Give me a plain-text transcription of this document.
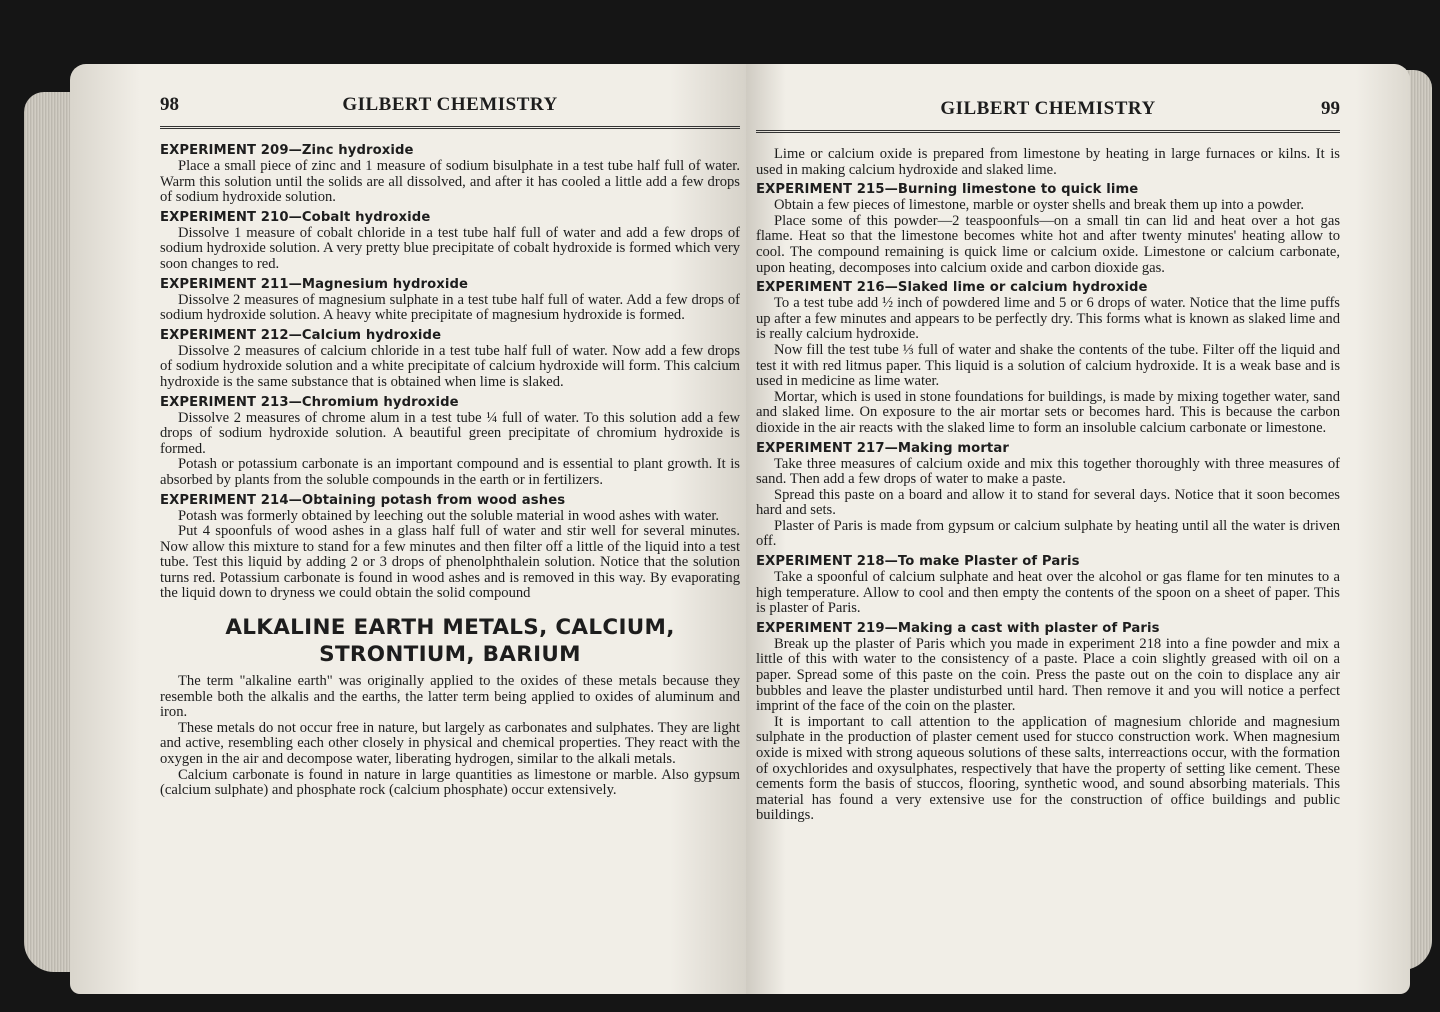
98	GILBERT CHEMISTRY
EXPERIMENT 209—Zinc hydroxide

Place a small piece of zinc and 1 measure of sodium bisulphate in a test tube half full of water. Warm this solution until the solids are all dissolved, and after it has cooled a little add a few drops of sodium hydroxide solution.

EXPERIMENT 210—Cobalt hydroxide

Dissolve 1 measure of cobalt chloride in a test tube half full of water and add a few drops of sodium hydroxide solution. A very pretty blue precipitate of cobalt hydroxide is formed which very soon changes to red.

EXPERIMENT 211—Magnesium hydroxide

Dissolve 2 measures of magnesium sulphate in a test tube half full of water. Add a few drops of sodium hydroxide solution. A heavy white precipitate of magnesium hydroxide is formed.

EXPERIMENT 212—Calcium hydroxide

Dissolve 2 measures of calcium chloride in a test tube half full of water. Now add a few drops of sodium hydroxide solution and a white precipitate of calcium hydroxide will form. This calcium hydroxide is the same substance that is obtained when lime is slaked.

EXPERIMENT 213—Chromium hydroxide

Dissolve 2 measures of chrome alum in a test tube ¼ full of water. To this solution add a few drops of sodium hydroxide solution. A beautiful green precipitate of chromium hydroxide is formed.

Potash or potassium carbonate is an important compound and is essential to plant growth. It is absorbed by plants from the soluble compounds in the earth or in fertilizers.

EXPERIMENT 214—Obtaining potash from wood ashes

Potash was formerly obtained by leeching out the soluble material in wood ashes with water.

Put 4 spoonfuls of wood ashes in a glass half full of water and stir well for several minutes. Now allow this mixture to stand for a few minutes and then filter off a little of the liquid into a test tube. Test this liquid by adding 2 or 3 drops of phenolphthalein solution. Notice that the solution turns red. Potassium carbonate is found in wood ashes and is removed in this way. By evaporating the liquid down to dryness we could obtain the solid compound

ALKALINE EARTH METALS, CALCIUM, STRONTIUM, BARIUM

The term "alkaline earth" was originally applied to the oxides of these metals because they resemble both the alkalis and the earths, the latter term being applied to oxides of aluminum and iron.

These metals do not occur free in nature, but largely as carbonates and sulphates. They are light and active, resembling each other closely in physical and chemical properties. They react with the oxygen in the air and decompose water, liberating hydrogen, similar to the alkali metals.

Calcium carbonate is found in nature in large quantities as limestone or marble. Also gypsum (calcium sulphate) and phosphate rock (calcium phosphate) occur extensively.

GILBERT CHEMISTRY	99

Lime or calcium oxide is prepared from limestone by heating in large furnaces or kilns. It is used in making calcium hydroxide and slaked lime.

EXPERIMENT 215—Burning limestone to quick lime

Obtain a few pieces of limestone, marble or oyster shells and break them up into a powder.

Place some of this powder—2 teaspoonfuls—on a small tin can lid and heat over a hot gas flame. Heat so that the limestone becomes white hot and after twenty minutes' heating allow to cool. The compound remaining is quick lime or calcium oxide. Limestone or calcium carbonate, upon heating, decomposes into calcium oxide and carbon dioxide gas.

EXPERIMENT 216—Slaked lime or calcium hydroxide

To a test tube add ½ inch of powdered lime and 5 or 6 drops of water. Notice that the lime puffs up after a few minutes and appears to be perfectly dry. This forms what is known as slaked lime and is really calcium hydroxide.

Now fill the test tube ⅓ full of water and shake the contents of the tube. Filter off the liquid and test it with red litmus paper. This liquid is a solution of calcium hydroxide. It is a weak base and is used in medicine as lime water.

Mortar, which is used in stone foundations for buildings, is made by mixing together water, sand and slaked lime. On exposure to the air mortar sets or becomes hard. This is because the carbon dioxide in the air reacts with the slaked lime to form an insoluble calcium carbonate or limestone.

EXPERIMENT 217—Making mortar

Take three measures of calcium oxide and mix this together thoroughly with three measures of sand. Then add a few drops of water to make a paste.

Spread this paste on a board and allow it to stand for several days. Notice that it soon becomes hard and sets.

Plaster of Paris is made from gypsum or calcium sulphate by heating until all the water is driven off.

EXPERIMENT 218—To make Plaster of Paris

Take a spoonful of calcium sulphate and heat over the alcohol or gas flame for ten minutes to a high temperature. Allow to cool and then empty the contents of the spoon on a sheet of paper. This is plaster of Paris.

EXPERIMENT 219—Making a cast with plaster of Paris

Break up the plaster of Paris which you made in experiment 218 into a fine powder and mix a little of this with water to the consistency of a paste. Place a coin slightly greased with oil on a paper. Spread some of this paste on the coin. Press the paste out on the coin to displace any air bubbles and leave the plaster undisturbed until hard. Then remove it and you will notice a perfect imprint of the face of the coin on the plaster.

It is important to call attention to the application of magnesium chloride and magnesium sulphate in the production of plaster cement used for stucco construction work. When magnesium oxide is mixed with strong aqueous solutions of these salts, interreactions occur, with the formation of oxychlorides and oxysulphates, respectively that have the property of setting like cement. These cements form the basis of stuccos, flooring, synthetic wood, and sound absorbing materials. This material has found a very extensive use for the construction of office buildings and public buildings.
